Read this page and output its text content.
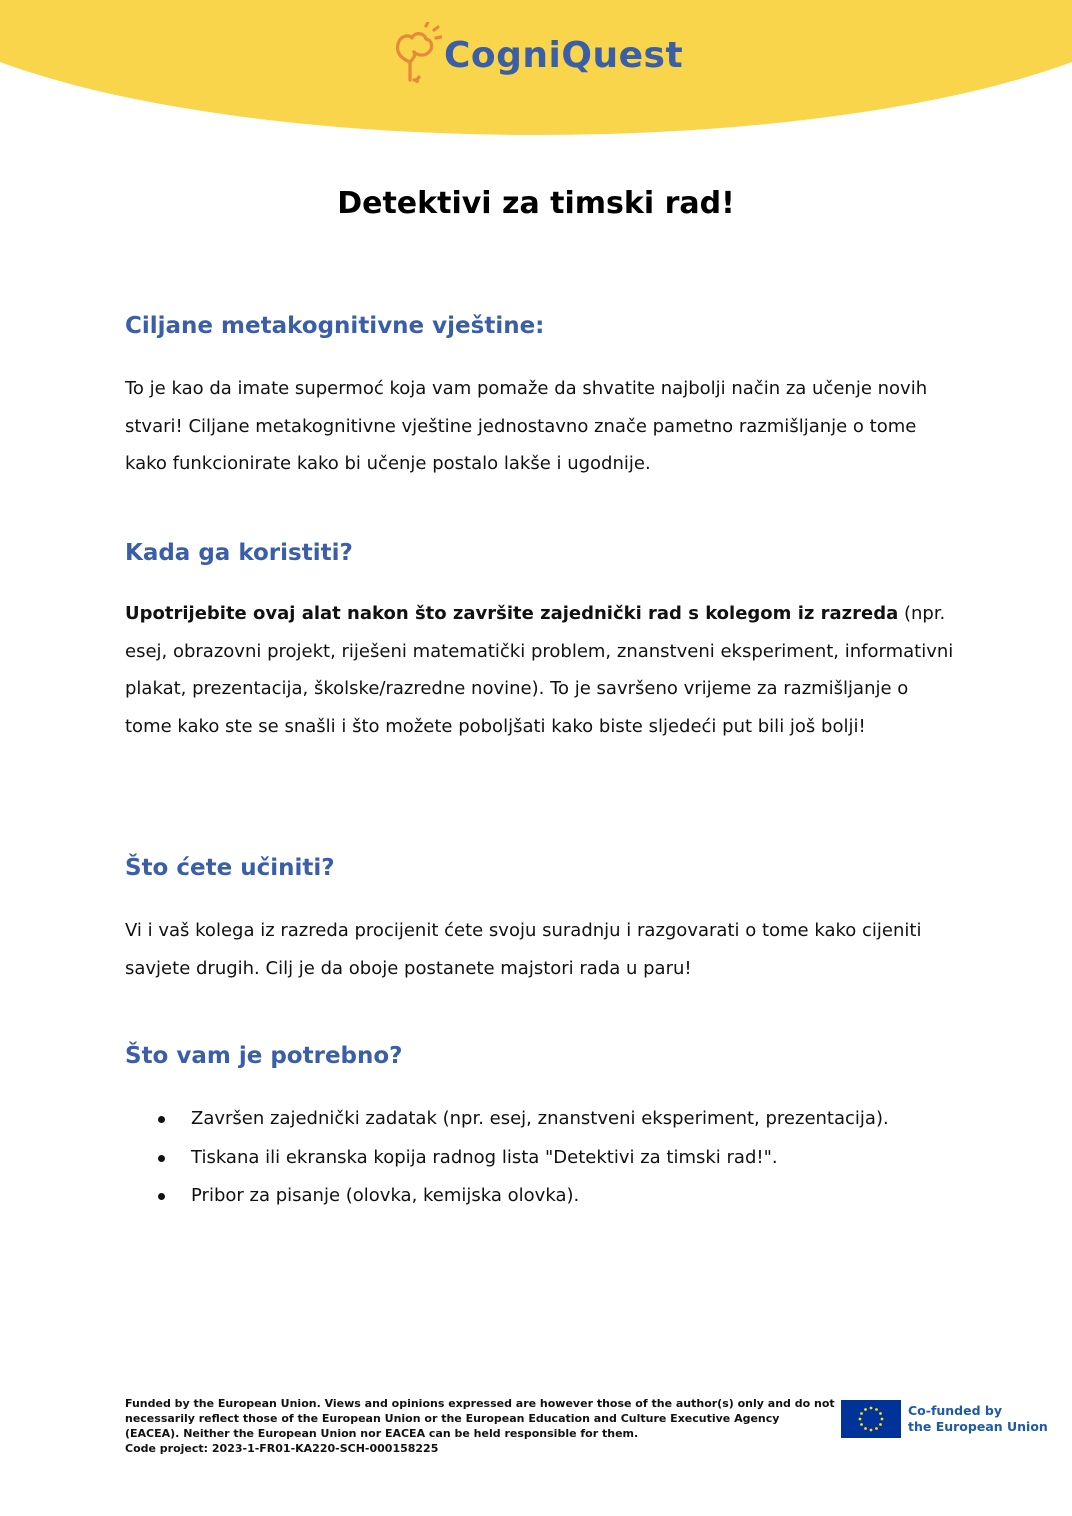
CogniQuest
Detektivi za timski rad!
Ciljane metakognitivne vještine:

To je kao da imate supermoć koja vam pomaže da shvatite najbolji način za učenje novih stvari! Ciljane metakognitivne vještine jednostavno znače pametno razmišljanje o tome kako funkcionirate kako bi učenje postalo lakše i ugodnije.

Kada ga koristiti?

Upotrijebite ovaj alat nakon što završite zajednički rad s kolegom iz razreda (npr. esej, obrazovni projekt, riješeni matematički problem, znanstveni eksperiment, informativni plakat, prezentacija, školske/razredne novine). To je savršeno vrijeme za razmišljanje o tome kako ste se snašli i što možete poboljšati kako biste sljedeći put bili još bolji!

Što ćete učiniti?

Vi i vaš kolega iz razreda procijenit ćete svoju suradnju i razgovarati o tome kako cijeniti savjete drugih. Cilj je da oboje postanete majstori rada u paru!

Što vam je potrebno?
Završen zajednički zadatak (npr. esej, znanstveni eksperiment, prezentacija).
Tiskana ili ekranska kopija radnog lista "Detektivi za timski rad!".
Pribor za pisanje (olovka, kemijska olovka).
Funded by the European Union. Views and opinions expressed are however those of the author(s) only and do not necessarily reflect those of the European Union or the European Education and Culture Executive Agency (EACEA). Neither the European Union nor EACEA can be held responsible for them.
Code project: 2023-1-FR01-KA220-SCH-000158225
Co-funded by
the European Union
